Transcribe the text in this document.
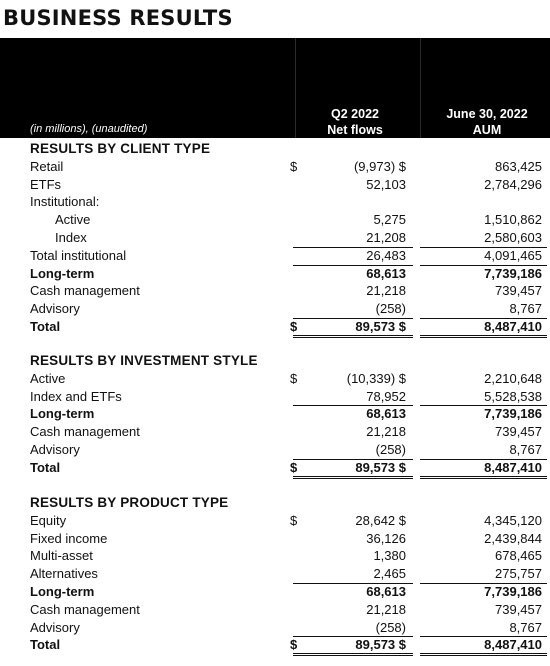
BUSINESS RESULTS
(in millions), (unaudited)
Q2 2022
Net flows
June 30, 2022
AUM
RESULTS BY CLIENT TYPE
Retail	$	(9,973) $	863,425
ETFs	52,103	2,784,296
Institutional:
Active	5,275	1,510,862
Index	21,208	2,580,603
Total institutional	26,483	4,091,465
Long-term	68,613	7,739,186
Cash management	21,218	739,457
Advisory	(258)	8,767
Total	$	89,573 $	8,487,410
RESULTS BY INVESTMENT STYLE
Active	$	(10,339) $	2,210,648
Index and ETFs	78,952	5,528,538
Long-term	68,613	7,739,186
Cash management	21,218	739,457
Advisory	(258)	8,767
Total	$	89,573 $	8,487,410
RESULTS BY PRODUCT TYPE
Equity	$	28,642 $	4,345,120
Fixed income	36,126	2,439,844
Multi-asset	1,380	678,465
Alternatives	2,465	275,757
Long-term	68,613	7,739,186
Cash management	21,218	739,457
Advisory	(258)	8,767
Total	$	89,573 $	8,487,410
